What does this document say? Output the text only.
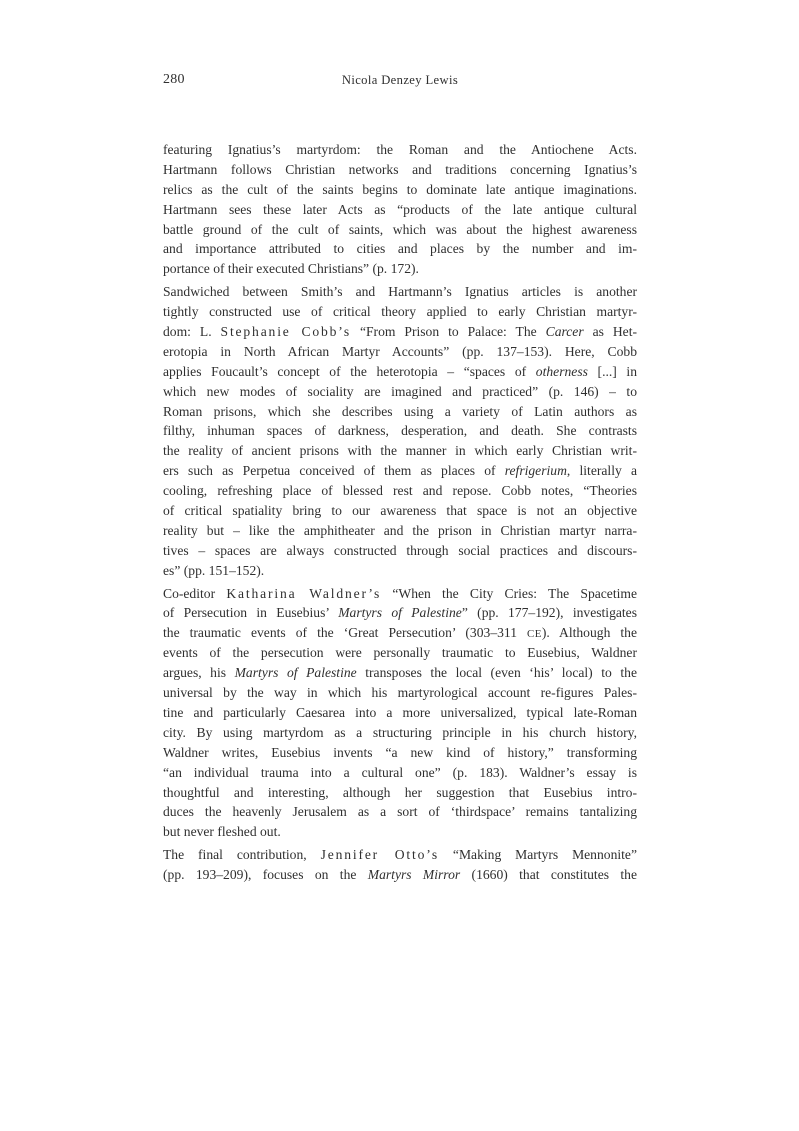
280	Nicola Denzey Lewis

featuring Ignatius’s martyrdom: the Roman and the Antiochene Acts.
Hartmann follows Christian networks and traditions concerning Ignatius’s
relics as the cult of the saints begins to dominate late antique imaginations.
Hartmann sees these later Acts as “products of the late antique cultural
battle ground of the cult of saints, which was about the highest awareness
and importance attributed to cities and places by the number and im-
portance of their executed Christians” (p. 172).

Sandwiched between Smith’s and Hartmann’s Ignatius articles is another
tightly constructed use of critical theory applied to early Christian martyr-
dom: L. Stephanie Cobb’s “From Prison to Palace: The Carcer as Het-
erotopia in North African Martyr Accounts” (pp. 137–153). Here, Cobb
applies Foucault’s concept of the heterotopia – “spaces of otherness [...] in
which new modes of sociality are imagined and practiced” (p. 146) – to
Roman prisons, which she describes using a variety of Latin authors as
filthy, inhuman spaces of darkness, desperation, and death. She contrasts
the reality of ancient prisons with the manner in which early Christian writ-
ers such as Perpetua conceived of them as places of refrigerium, literally a
cooling, refreshing place of blessed rest and repose. Cobb notes, “Theories
of critical spatiality bring to our awareness that space is not an objective
reality but – like the amphitheater and the prison in Christian martyr narra-
tives – spaces are always constructed through social practices and discours-
es” (pp. 151–152).

Co-editor Katharina Waldner’s “When the City Cries: The Spacetime
of Persecution in Eusebius’ Martyrs of Palestine” (pp. 177–192), investigates
the traumatic events of the ‘Great Persecution’ (303–311 CE). Although the
events of the persecution were personally traumatic to Eusebius, Waldner
argues, his Martyrs of Palestine transposes the local (even ‘his’ local) to the
universal by the way in which his martyrological account re-figures Pales-
tine and particularly Caesarea into a more universalized, typical late-Roman
city. By using martyrdom as a structuring principle in his church history,
Waldner writes, Eusebius invents “a new kind of history,” transforming
“an individual trauma into a cultural one” (p. 183). Waldner’s essay is
thoughtful and interesting, although her suggestion that Eusebius intro-
duces the heavenly Jerusalem as a sort of ‘thirdspace’ remains tantalizing
but never fleshed out.

The final contribution, Jennifer Otto’s “Making Martyrs Mennonite”
(pp. 193–209), focuses on the Martyrs Mirror (1660) that constitutes the
